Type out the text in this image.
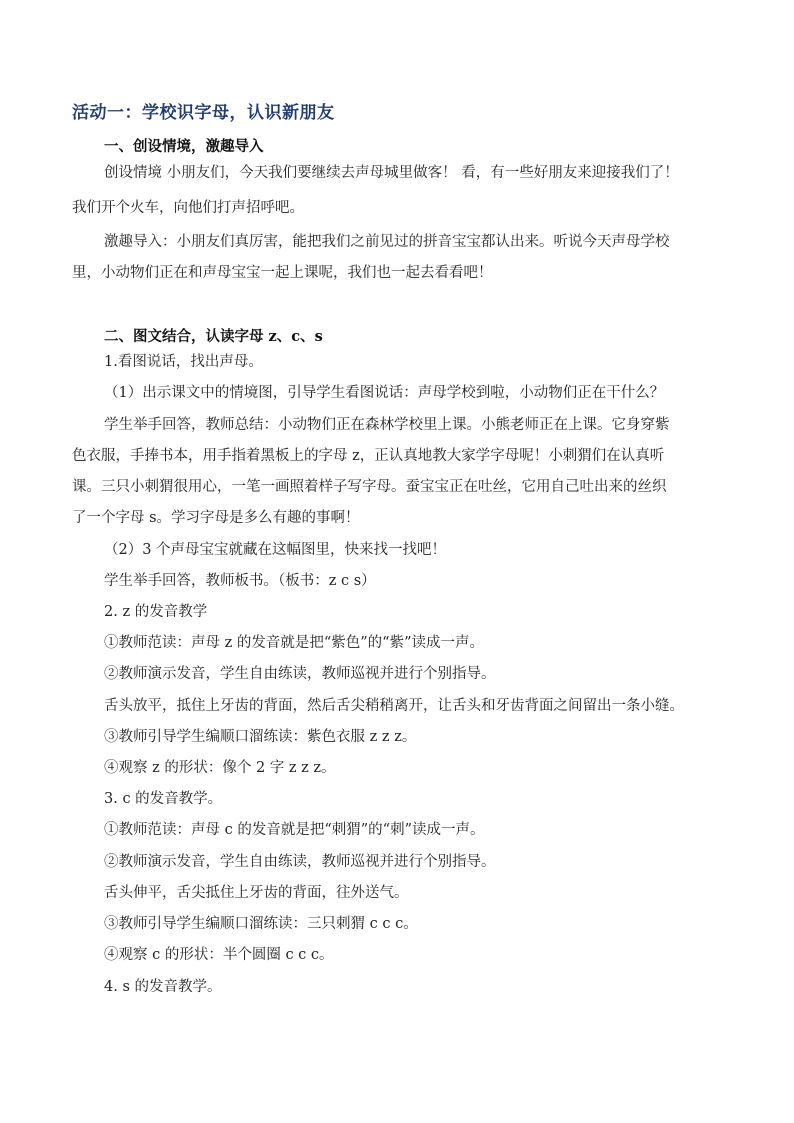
活动一：学校识字母，认识新朋友
一、创设情境，激趣导入
创设情境 小朋友们，今天我们要继续去声母城里做客！ 看，有一些好朋友来迎接我们了！
我们开个火车，向他们打声招呼吧。
激趣导入：小朋友们真厉害，能把我们之前见过的拼音宝宝都认出来。听说今天声母学校
里，小动物们正在和声母宝宝一起上课呢，我们也一起去看看吧！
二、图文结合，认读字母 z、c、s
1.看图说话，找出声母。
（1）出示课文中的情境图，引导学生看图说话：声母学校到啦，小动物们正在干什么？
学生举手回答，教师总结：小动物们正在森林学校里上课。小熊老师正在上课。它身穿紫
色衣服，手捧书本，用手指着黑板上的字母 z，正认真地教大家学字母呢！小刺猬们在认真听
课。三只小刺猬很用心，一笔一画照着样子写字母。蚕宝宝正在吐丝，它用自己吐出来的丝织
了一个字母 s。学习字母是多么有趣的事啊！
（2）3 个声母宝宝就藏在这幅图里，快来找一找吧！
学生举手回答，教师板书。（板书：z c s）
2. z 的发音教学
①教师范读：声母 z 的发音就是把“紫色”的“紫”读成一声。
②教师演示发音，学生自由练读，教师巡视并进行个别指导。
舌头放平，抵住上牙齿的背面，然后舌尖稍稍离开，让舌头和牙齿背面之间留出一条小缝。
③教师引导学生编顺口溜练读：紫色衣服 z z z。
④观察 z 的形状：像个 2 字 z z z。
3. c 的发音教学。
①教师范读：声母 c 的发音就是把“刺猬”的“刺”读成一声。
②教师演示发音，学生自由练读，教师巡视并进行个别指导。
舌头伸平，舌尖抵住上牙齿的背面，往外送气。
③教师引导学生编顺口溜练读：三只刺猬 c c c。
④观察 c 的形状：半个圆圈 c c c。
4. s 的发音教学。
